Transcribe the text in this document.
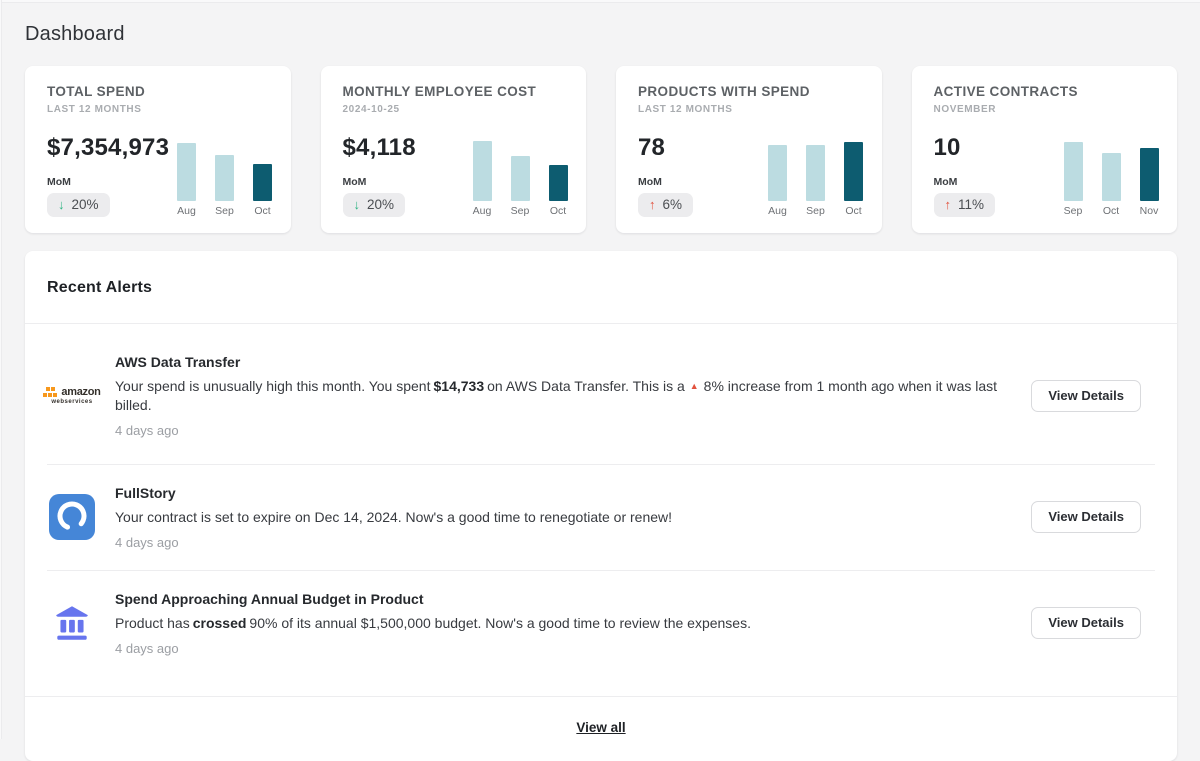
Dashboard
TOTAL SPEND
LAST 12 MONTHS
$7,354,973
MoM
↓ 20%	Aug Sep Oct
MONTHLY EMPLOYEE COST
2024-10-25
$4,118
MoM
↓ 20%	Aug Sep Oct
PRODUCTS WITH SPEND
LAST 12 MONTHS
78
MoM
↑ 6%	Aug Sep Oct
ACTIVE CONTRACTS
NOVEMBER
10
MoM
↑ 11%	Sep Oct Nov
Recent Alerts
amazon
webservices
AWS Data Transfer
Your spend is unusually high this month. You spent $14,733 on AWS Data Transfer. This is a ▲ 8% increase from 1 month ago when it was last billed.
4 days ago
View Details
FullStory
Your contract is set to expire on Dec 14, 2024. Now's a good time to renegotiate or renew!
4 days ago
View Details
Spend Approaching Annual Budget in Product
Product has crossed 90% of its annual $1,500,000 budget. Now's a good time to review the expenses.
4 days ago
View Details
View all
